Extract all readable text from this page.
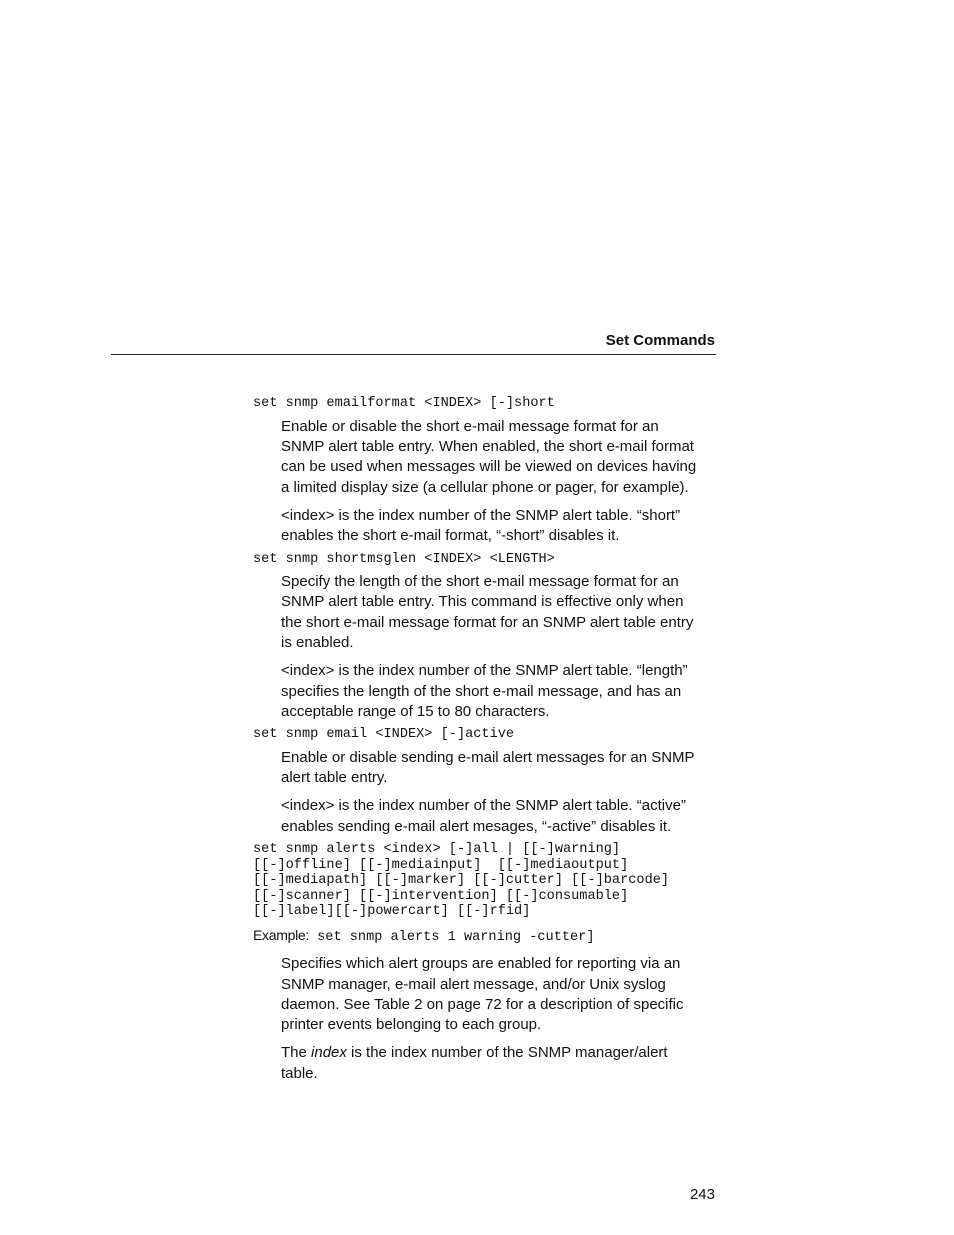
Set Commands
set snmp emailformat <INDEX> [-]short

Enable or disable the short e-mail message format for an
SNMP alert table entry. When enabled, the short e-mail format
can be used when messages will be viewed on devices having
a limited display size (a cellular phone or pager, for example).

<index> is the index number of the SNMP alert table. “short”
enables the short e-mail format, “-short” disables it.

set snmp shortmsglen <INDEX> <LENGTH>

Specify the length of the short e-mail message format for an
SNMP alert table entry. This command is effective only when
the short e-mail message format for an SNMP alert table entry
is enabled.

<index> is the index number of the SNMP alert table. “length”
specifies the length of the short e-mail message, and has an
acceptable range of 15 to 80 characters.

set snmp email <INDEX> [-]active

Enable or disable sending e-mail alert messages for an SNMP
alert table entry.

<index> is the index number of the SNMP alert table. “active”
enables sending e-mail alert mesages, “-active” disables it.

set snmp alerts <index> [-]all | [[-]warning]
[[-]offline] [[-]mediainput]  [[-]mediaoutput]
[[-]mediapath] [[-]marker] [[-]cutter] [[-]barcode]
[[-]scanner] [[-]intervention] [[-]consumable]
[[-]label][[-]powercart] [[-]rfid]
Example: set snmp alerts 1 warning -cutter]

Specifies which alert groups are enabled for reporting via an
SNMP manager, e-mail alert message, and/or Unix syslog
daemon. See Table 2 on page 72 for a description of specific
printer events belonging to each group.

The index is the index number of the SNMP manager/alert
table.

243
